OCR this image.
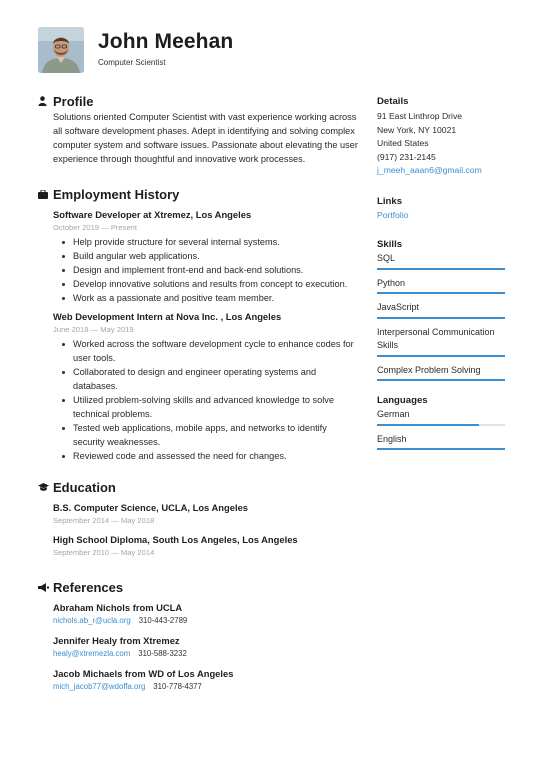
John Meehan
Computer Scientist
Profile

Solutions oriented Computer Scientist with vast experience working across all software development phases. Adept in identifying and solving complex computer system and software issues. Passionate about elevating the user experience through thoughtful and innovative work processes.

Employment History
Software Developer at Xtremez, Los Angeles
October 2019 — Present
Help provide structure for several internal systems.
Build angular web applications.
Design and implement front-end and back-end solutions.
Develop innovative solutions and results from concept to execution.
Work as a passionate and positive team member.
Web Development Intern at Nova Inc. , Los Angeles
June 2018 — May 2019
Worked across the software development cycle to enhance codes for user tools.
Collaborated to design and engineer operating systems and databases.
Utilized problem-solving skills and advanced knowledge to solve technical problems.
Tested web applications, mobile apps, and networks to identify security weaknesses.
Reviewed code and assessed the need for changes.
Education
B.S. Computer Science, UCLA, Los Angeles
September 2014 — May 2018
High School Diploma, South Los Angeles, Los Angeles
September 2010 — May 2014
References
Abraham Nichols from UCLA
nichols.ab_r@ucla.org 310-443-2789
Jennifer Healy from Xtremez
healy@xtremezla.com 310-588-3232
Jacob Michaels from WD of Los Angeles
mich_jacob77@wdoffa.org 310-778-4377
Details
91 East Linthrop Drive
New York, NY 10021
United States
(917) 231-2145
j_meeh_aaan6@gmail.com
Links
Portfolio
Skills
SQL
Python
JavaScript
Interpersonal Communication Skills
Complex Problem Solving
Languages
German
English
